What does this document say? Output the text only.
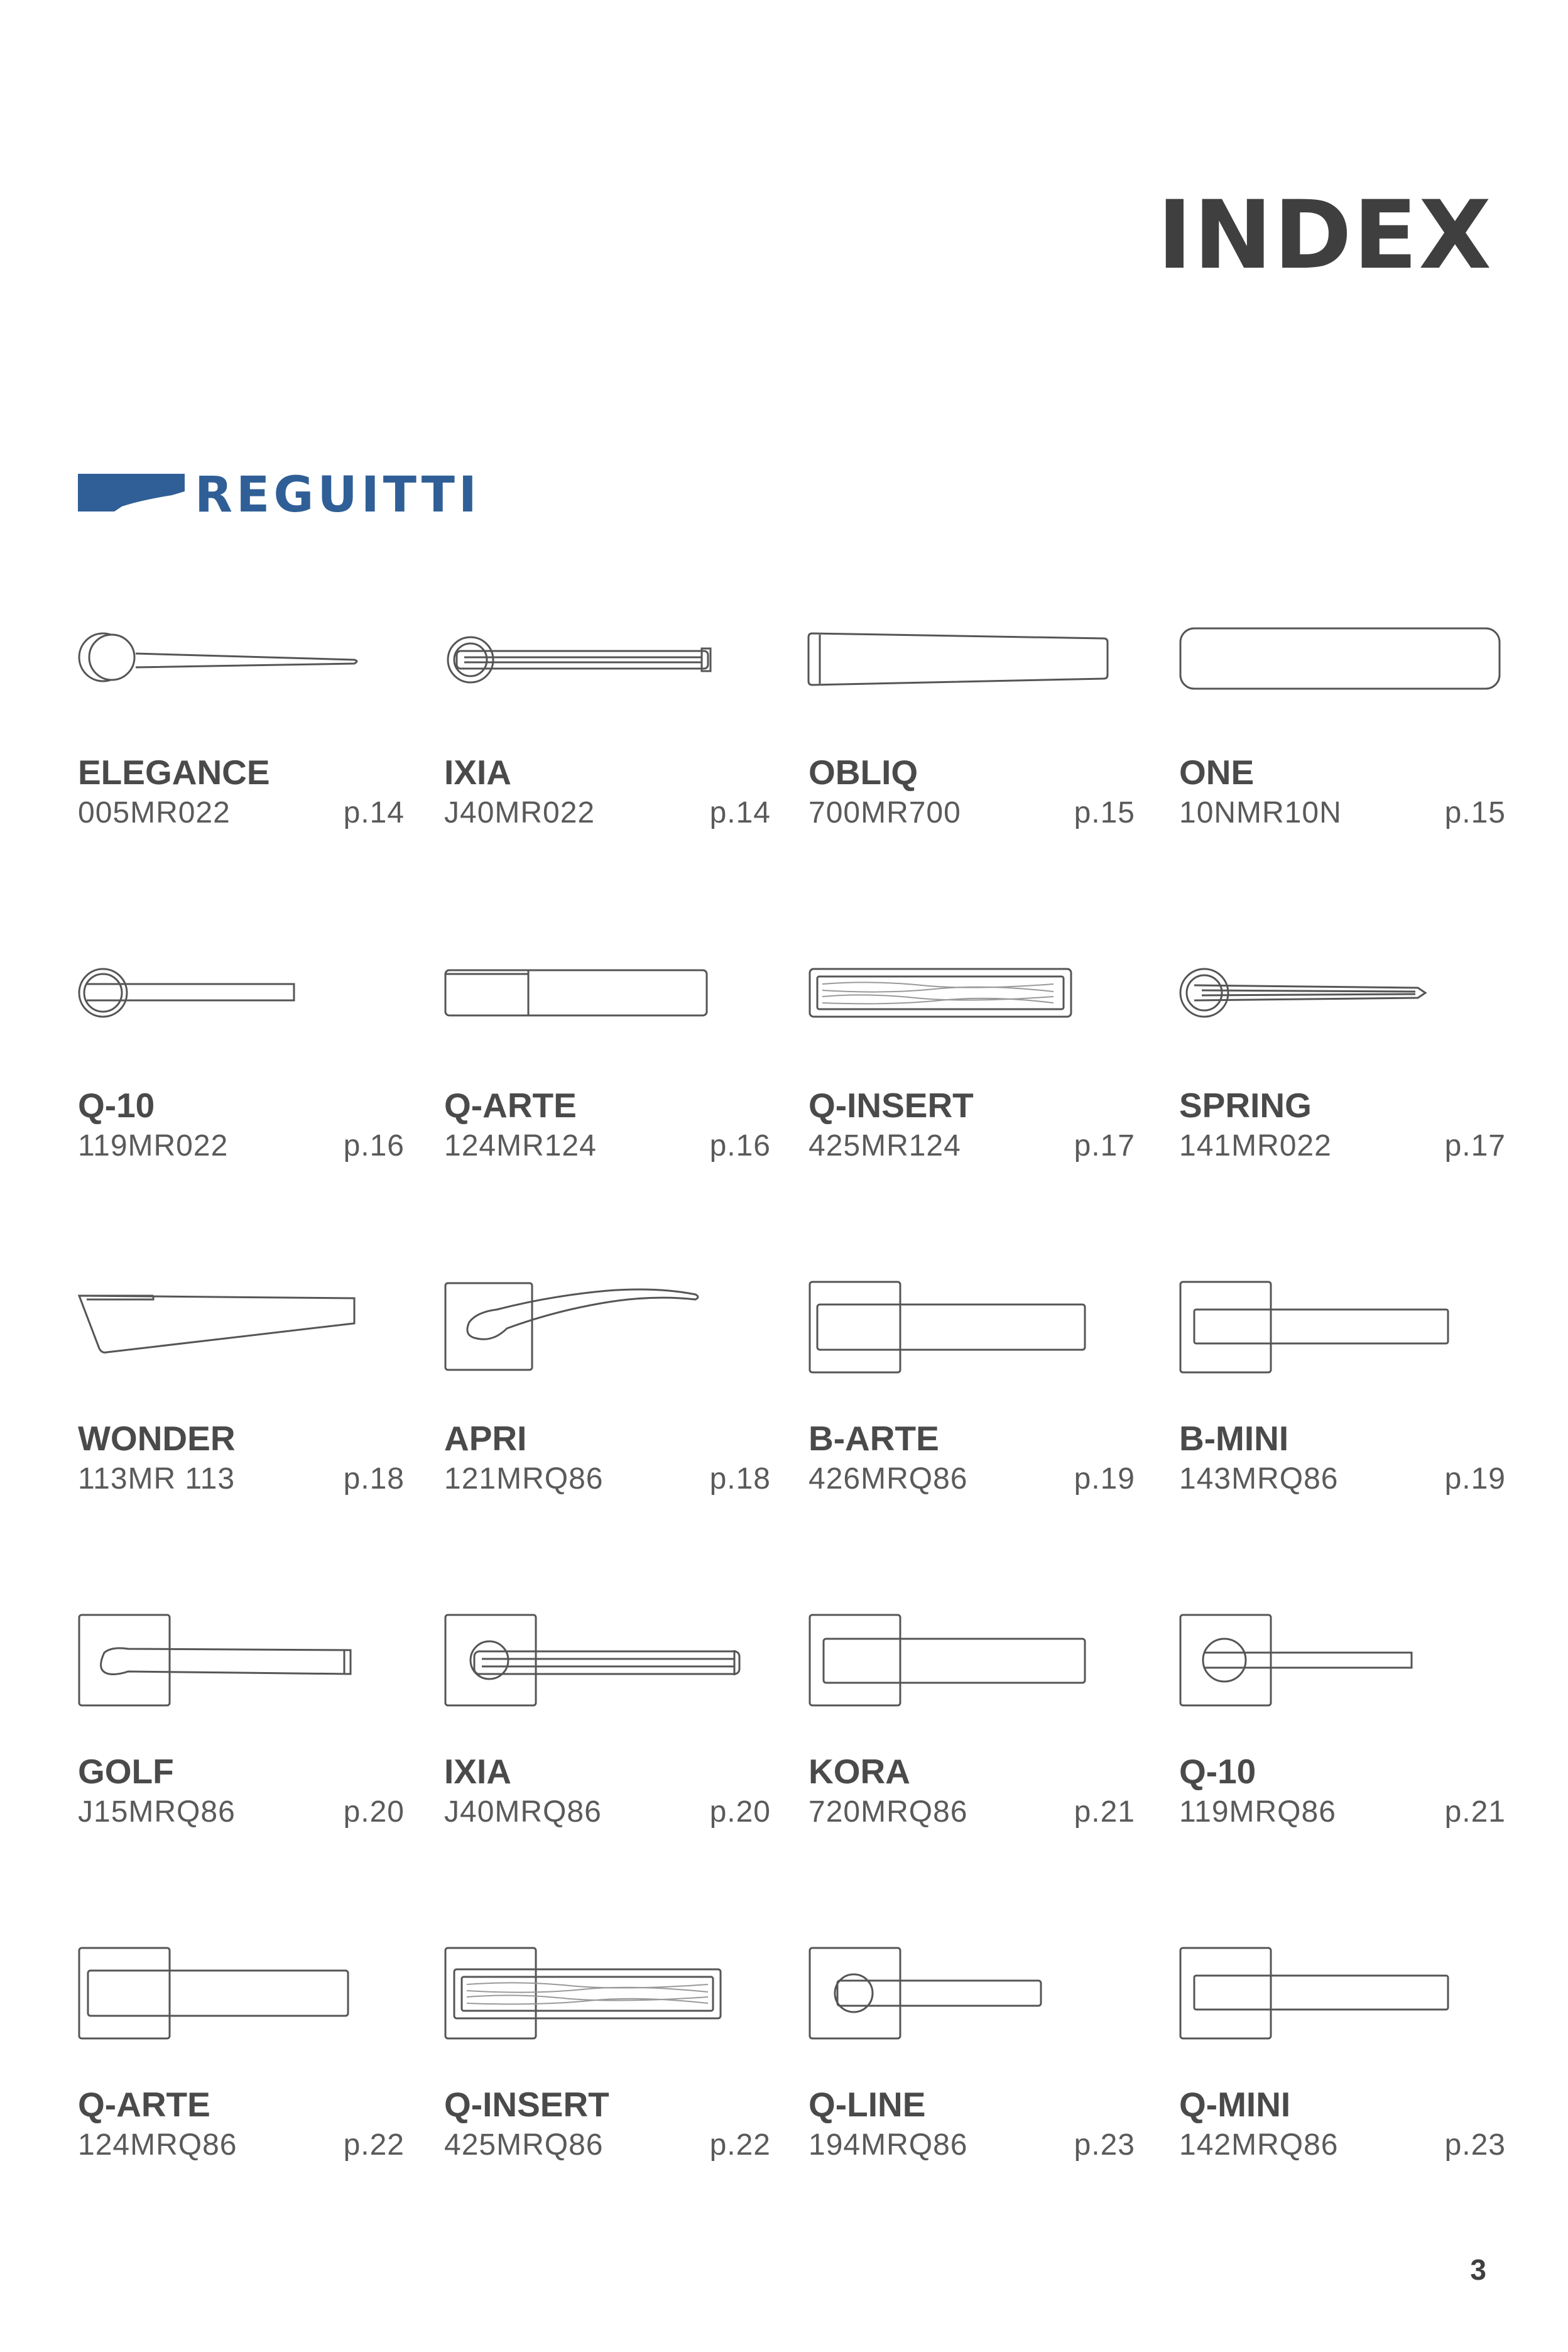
INDEX
REGUITTI
ELEGANCE
005MR022	p.14
IXIA
J40MR022	p.14
OBLIQ
700MR700	p.15
ONE
10NMR10N	p.15
Q-10
119MR022	p.16
Q-ARTE
124MR124	p.16
Q-INSERT
425MR124	p.17
SPRING
141MR022	p.17
WONDER
113MR 113	p.18
APRI
121MRQ86	p.18
B-ARTE
426MRQ86	p.19
B-MINI
143MRQ86	p.19
GOLF
J15MRQ86	p.20
IXIA
J40MRQ86	p.20
KORA
720MRQ86	p.21
Q-10
119MRQ86	p.21
Q-ARTE
124MRQ86	p.22
Q-INSERT
425MRQ86	p.22
Q-LINE
194MRQ86	p.23
Q-MINI
142MRQ86	p.23
3
